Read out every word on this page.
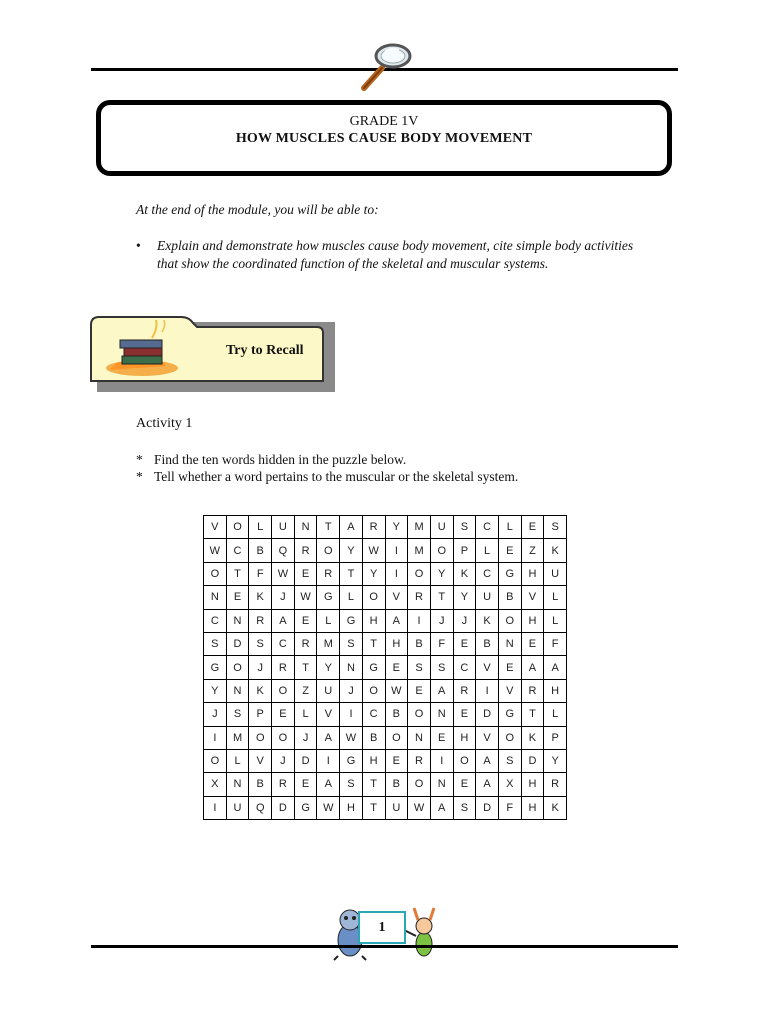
GRADE 1V
HOW MUSCLES CAUSE BODY MOVEMENT
At the end of the module, you will be able to:
• Explain and demonstrate how muscles cause body movement, cite simple body activities that show the coordinated function of the skeletal and muscular systems.
Try to Recall
Activity 1
* Find the ten words hidden in the puzzle below.
* Tell whether a word pertains to the muscular or the skeletal system.
V	O	L	U	N	T	A	R	Y	M	U	S	C	L	E	S
W	C	B	Q	R	O	Y	W	I	M	O	P	L	E	Z	K
O	T	F	W	E	R	T	Y	I	O	Y	K	C	G	H	U
N	E	K	J	W	G	L	O	V	R	T	Y	U	B	V	L
C	N	R	A	E	L	G	H	A	I	J	J	K	O	H	L
S	D	S	C	R	M	S	T	H	B	F	E	B	N	E	F
G	O	J	R	T	Y	N	G	E	S	S	C	V	E	A	A
Y	N	K	O	Z	U	J	O	W	E	A	R	I	V	R	H
J	S	P	E	L	V	I	C	B	O	N	E	D	G	T	L
I	M	O	O	J	A	W	B	O	N	E	H	V	O	K	P
O	L	V	J	D	I	G	H	E	R	I	O	A	S	D	Y
X	N	B	R	E	A	S	T	B	O	N	E	A	X	H	R
I	U	Q	D	G	W	H	T	U	W	A	S	D	F	H	K
1
